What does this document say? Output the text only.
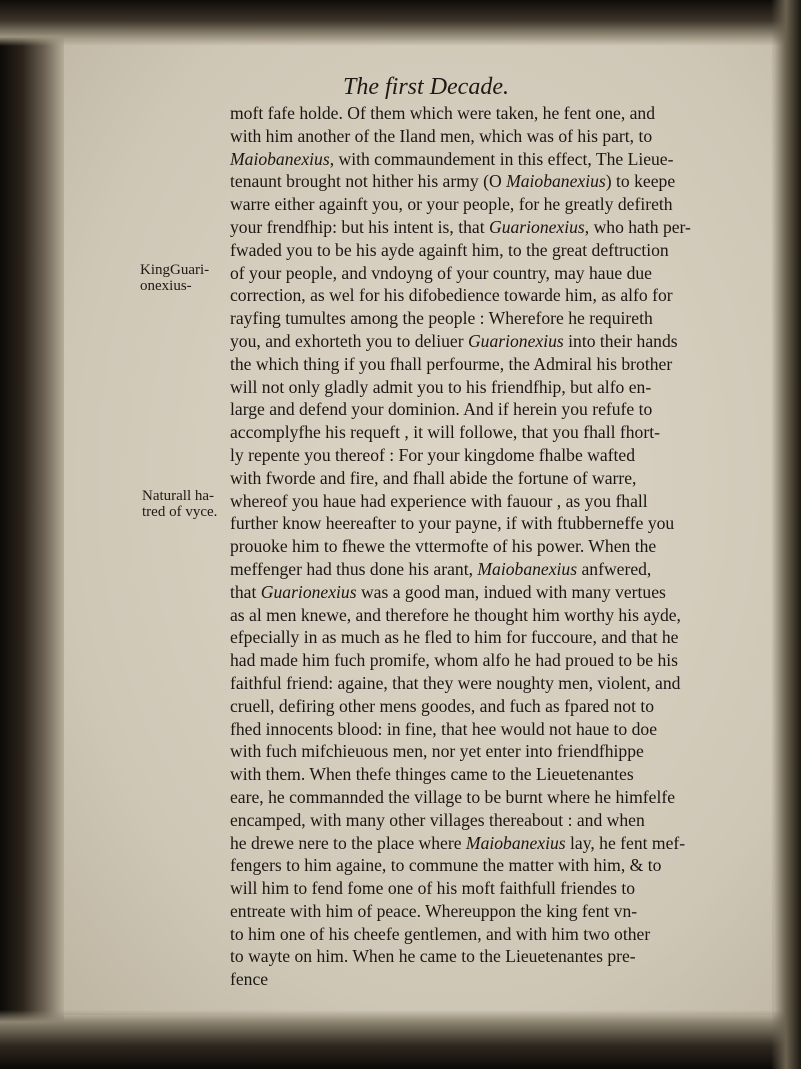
The first Decade.
KingGuari-
onexius-
Naturall ha-
tred of vyce.
moft fafe holde. Of them which were taken, he fent one, and
with him another of the Iland men, which was of his part, to
Maiobanexius, with commaundement in this effect, The Lieue-
tenaunt brought not hither his army (O Maiobanexius) to keepe
warre either againft you, or your people, for he greatly defireth
your frendfhip: but his intent is, that Guarionexius, who hath per-
fwaded you to be his ayde againft him, to the great deftruction
of your people, and vndoyng of your country, may haue due
correction, as wel for his difobedience towarde him, as alfo for
rayfing tumultes among the people : Wherefore he requireth
you, and exhorteth you to deliuer Guarionexius into their hands
the which thing if you fhall perfourme, the Admiral his brother
will not only gladly admit you to his friendfhip, but alfo en-
large and defend your dominion. And if herein you refufe to
accomplyfhe his requeft , it will followe, that you fhall fhort-
ly repente you thereof : For your kingdome fhalbe wafted
with fworde and fire, and fhall abide the fortune of warre,
whereof you haue had experience with fauour , as you fhall
further know heereafter to your payne, if with ftubberneffe you
prouoke him to fhewe the vttermofte of his power. When the
meffenger had thus done his arant, Maiobanexius anfwered,
that Guarionexius was a good man, indued with many vertues
as al men knewe, and therefore he thought him worthy his ayde,
efpecially in as much as he fled to him for fuccoure, and that he
had made him fuch promife, whom alfo he had proued to be his
faithful friend: againe, that they were noughty men, violent, and
cruell, defiring other mens goodes, and fuch as fpared not to
fhed innocents blood: in fine, that hee would not haue to doe
with fuch mifchieuous men, nor yet enter into friendfhippe
with them. When thefe thinges came to the Lieuetenantes
eare, he commannded the village to be burnt where he himfelfe
encamped, with many other villages thereabout : and when
he drewe nere to the place where Maiobanexius lay, he fent mef-
fengers to him againe, to commune the matter with him, & to
will him to fend fome one of his moft faithfull friendes to
entreate with him of peace. Whereuppon the king fent vn-
to him one of his cheefe gentlemen, and with him two other
to wayte on him. When he came to the Lieuetenantes pre-
fence
